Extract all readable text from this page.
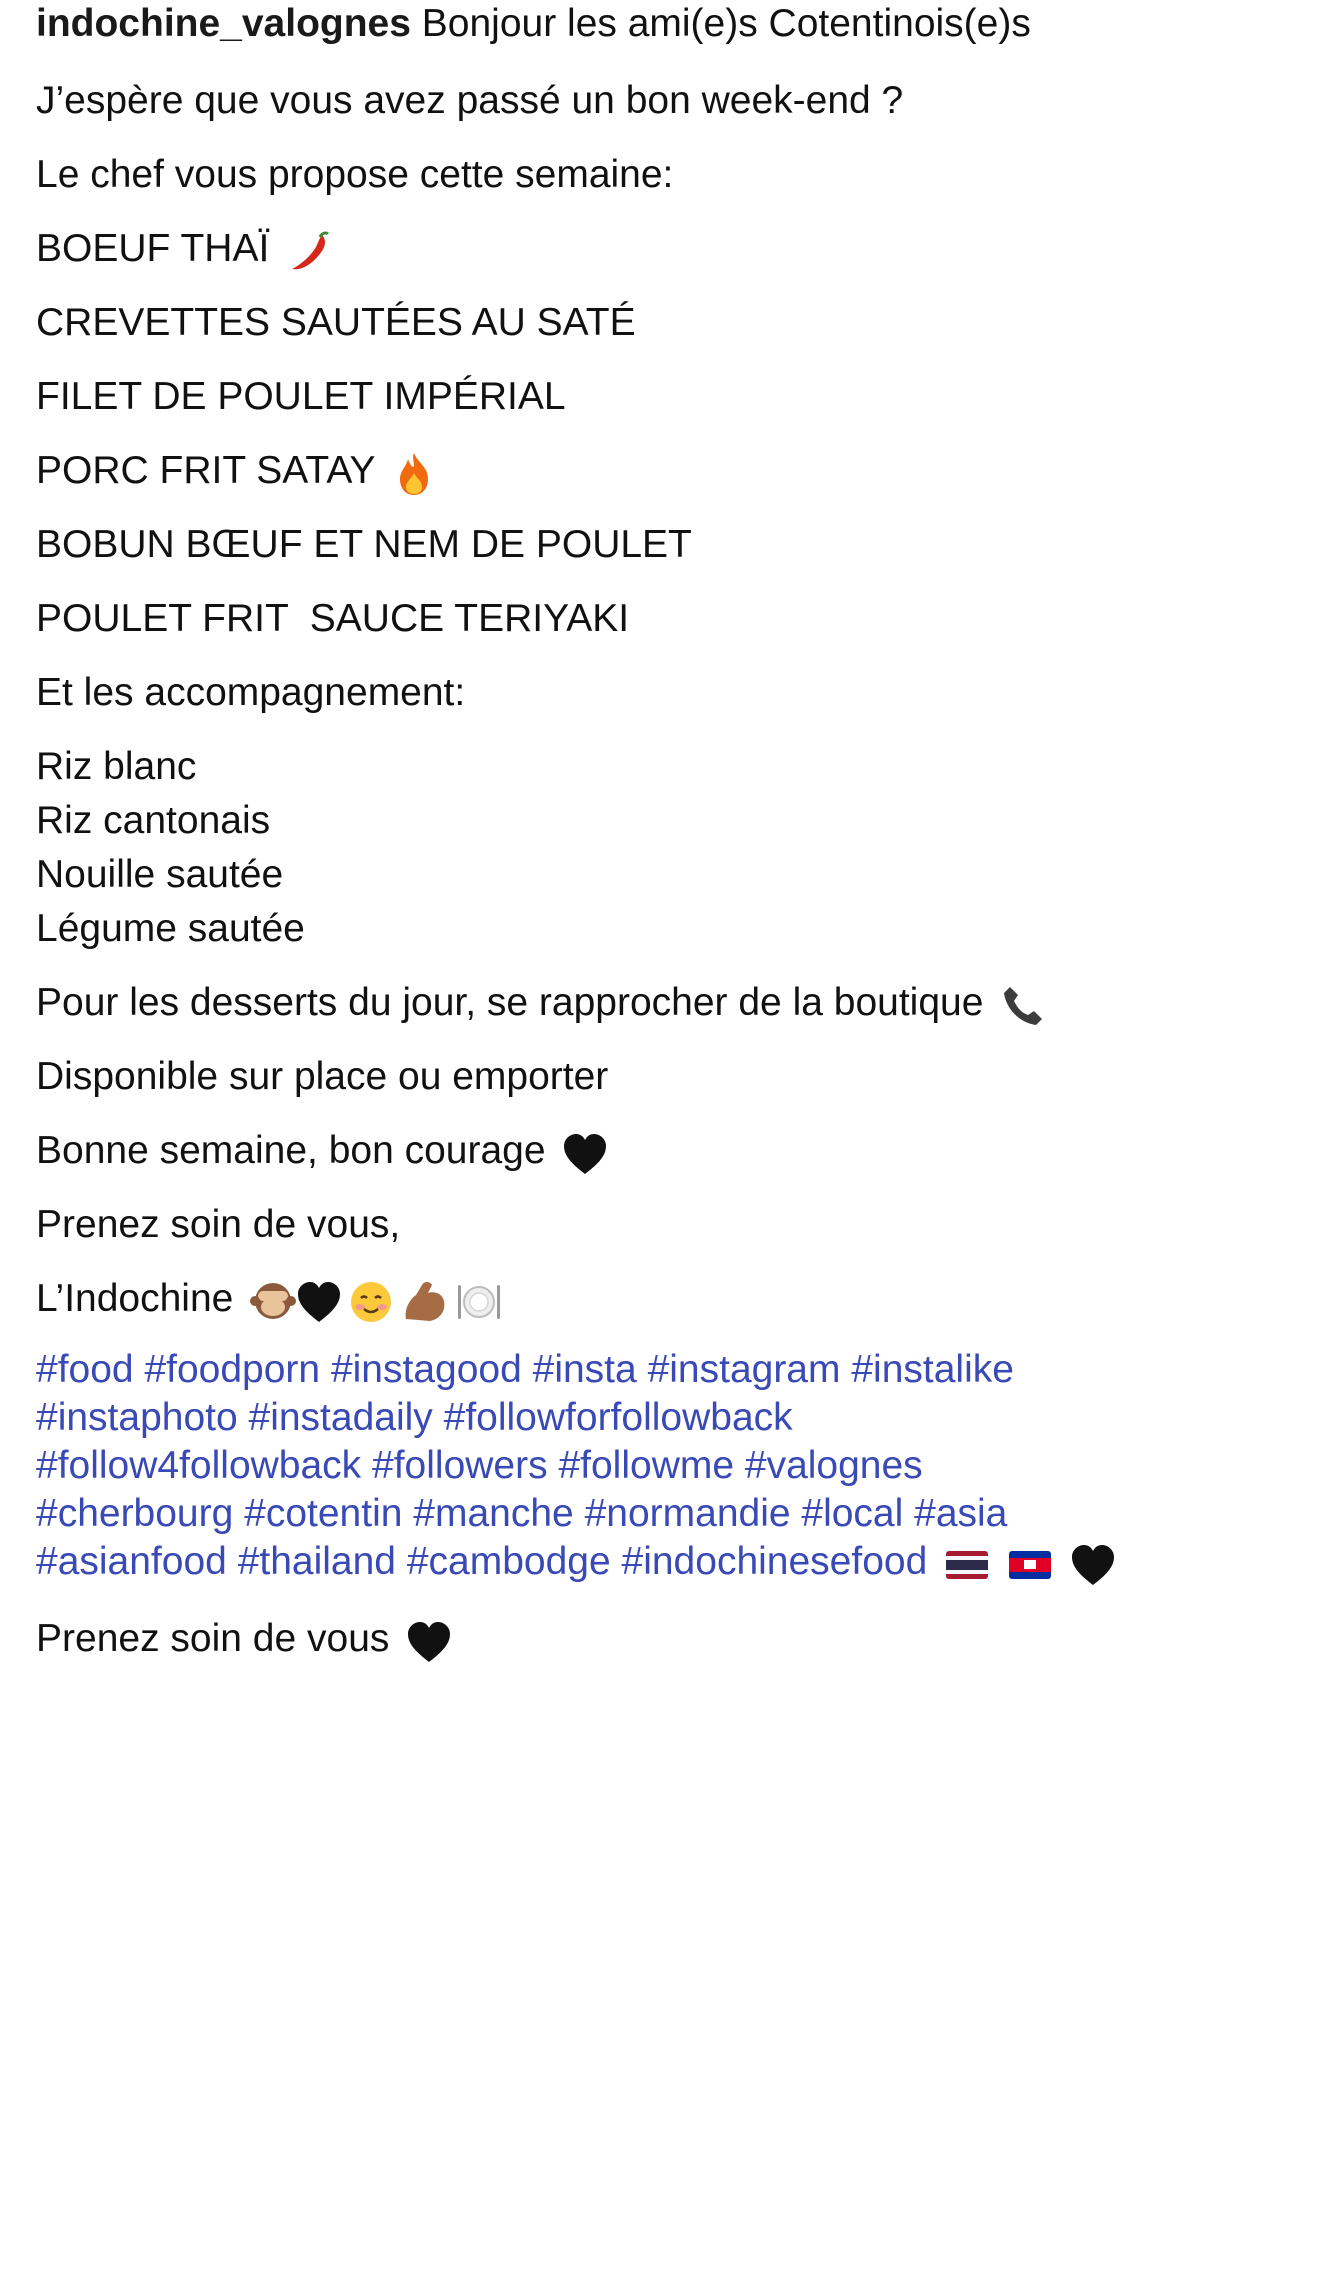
indochine_valognes Bonjour les ami(e)s Cotentinois(e)s
J’espère que vous avez passé un bon week-end ?
Le chef vous propose cette semaine:
BOEUF THAÏ
CREVETTES SAUTÉES AU SATÉ
FILET DE POULET IMPÉRIAL
PORC FRIT SATAY
BOBUN BŒUF ET NEM DE POULET
POULET FRIT  SAUCE TERIYAKI
Et les accompagnement:
Riz blanc
Riz cantonais
Nouille sautée
Légume sautée
Pour les desserts du jour, se rapprocher de la boutique
Disponible sur place ou emporter
Bonne semaine, bon courage
Prenez soin de vous,
L’Indochine
#food #foodporn #instagood #insta #instagram #instalike
#instaphoto #instadaily #followforfollowback
#follow4followback #followers #followme #valognes
#cherbourg #cotentin #manche #normandie #local #asia
#asianfood #thailand #cambodge #indochinesefood
Prenez soin de vous
